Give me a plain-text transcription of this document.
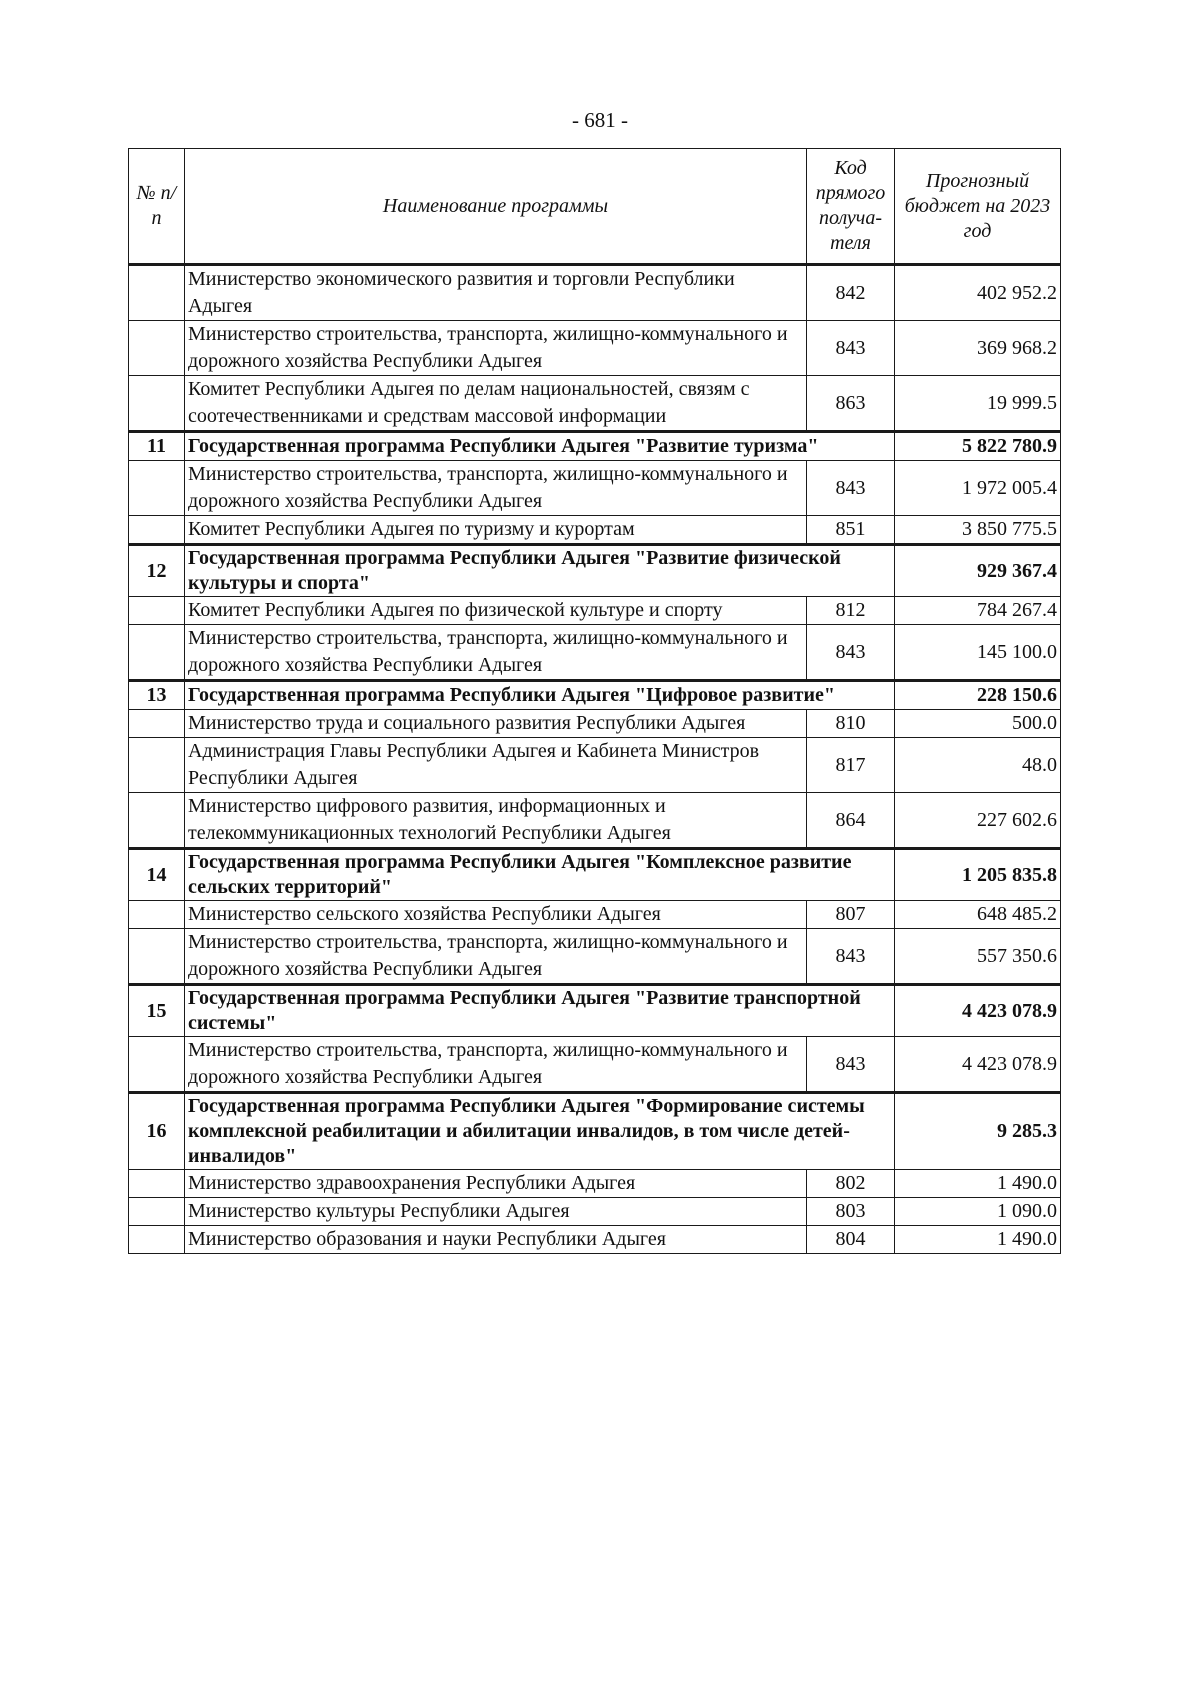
- 681 -
№ п/п	Наименование программы	Код прямого получа-теля	Прогнозный бюджет на 2023 год
	Министерство экономического развития и торговли Республики Адыгея	842	402 952.2
	Министерство строительства, транспорта, жилищно-коммунального и дорожного хозяйства Республики Адыгея	843	369 968.2
	Комитет Республики Адыгея по делам национальностей, связям с соотечественниками и средствам массовой информации	863	19 999.5
11	Государственная программа Республики Адыгея "Развитие туризма"		5 822 780.9
	Министерство строительства, транспорта, жилищно-коммунального и дорожного хозяйства Республики Адыгея	843	1 972 005.4
	Комитет Республики Адыгея по туризму и курортам	851	3 850 775.5
12	Государственная программа Республики Адыгея "Развитие физической культуры и спорта"		929 367.4
	Комитет Республики Адыгея по физической культуре и спорту	812	784 267.4
	Министерство строительства, транспорта, жилищно-коммунального и дорожного хозяйства Республики Адыгея	843	145 100.0
13	Государственная программа Республики Адыгея "Цифровое развитие"		228 150.6
	Министерство труда и социального развития Республики Адыгея	810	500.0
	Администрация Главы Республики Адыгея и Кабинета Министров Республики Адыгея	817	48.0
	Министерство цифрового развития, информационных и телекоммуникационных технологий Республики Адыгея	864	227 602.6
14	Государственная программа Республики Адыгея "Комплексное развитие сельских территорий"		1 205 835.8
	Министерство сельского хозяйства Республики Адыгея	807	648 485.2
	Министерство строительства, транспорта, жилищно-коммунального и дорожного хозяйства Республики Адыгея	843	557 350.6
15	Государственная программа Республики Адыгея "Развитие транспортной системы"		4 423 078.9
	Министерство строительства, транспорта, жилищно-коммунального и дорожного хозяйства Республики Адыгея	843	4 423 078.9
16	Государственная программа Республики Адыгея "Формирование системы комплексной реабилитации и абилитации инвалидов, в том числе детей-инвалидов"		9 285.3
	Министерство здравоохранения Республики Адыгея	802	1 490.0
	Министерство культуры Республики Адыгея	803	1 090.0
	Министерство образования и науки Республики Адыгея	804	1 490.0
